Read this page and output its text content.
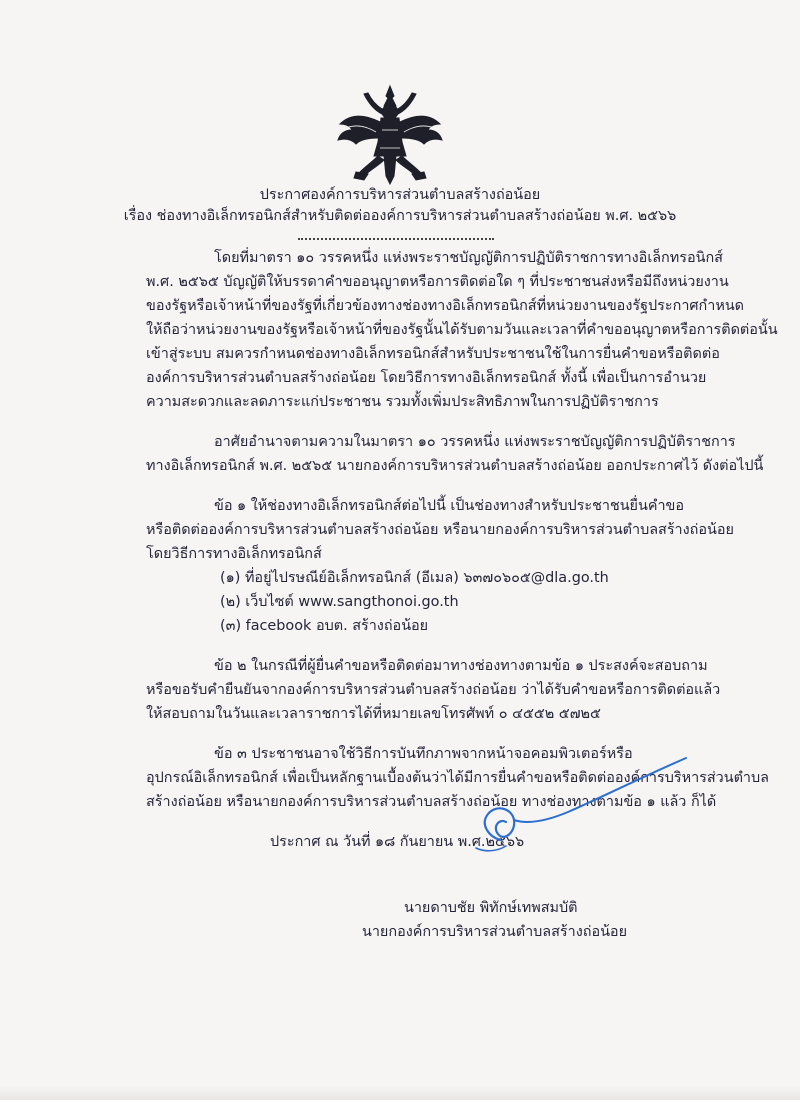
ประกาศองค์การบริหารส่วนตำบลสร้างถ่อน้อย
เรื่อง ช่องทางอิเล็กทรอนิกส์สำหรับติดต่อองค์การบริหารส่วนตำบลสร้างถ่อน้อย พ.ศ. ๒๕๖๖
โดยที่มาตรา ๑๐ วรรคหนึ่ง แห่งพระราชบัญญัติการปฏิบัติราชการทางอิเล็กทรอนิกส์
พ.ศ. ๒๕๖๕ บัญญัติให้บรรดาคำขออนุญาตหรือการติดต่อใด ๆ ที่ประชาชนส่งหรือมีถึงหน่วยงาน
ของรัฐหรือเจ้าหน้าที่ของรัฐที่เกี่ยวข้องทางช่องทางอิเล็กทรอนิกส์ที่หน่วยงานของรัฐประกาศกำหนด
ให้ถือว่าหน่วยงานของรัฐหรือเจ้าหน้าที่ของรัฐนั้นได้รับตามวันและเวลาที่คำขออนุญาตหรือการติดต่อนั้น
เข้าสู่ระบบ สมควรกำหนดช่องทางอิเล็กทรอนิกส์สำหรับประชาชนใช้ในการยื่นคำขอหรือติดต่อ
องค์การบริหารส่วนตำบลสร้างถ่อน้อย โดยวิธีการทางอิเล็กทรอนิกส์ ทั้งนี้ เพื่อเป็นการอำนวย
ความสะดวกและลดภาระแก่ประชาชน รวมทั้งเพิ่มประสิทธิภาพในการปฏิบัติราชการ
อาศัยอำนาจตามความในมาตรา ๑๐ วรรคหนึ่ง แห่งพระราชบัญญัติการปฏิบัติราชการ
ทางอิเล็กทรอนิกส์ พ.ศ. ๒๕๖๕ นายกองค์การบริหารส่วนตำบลสร้างถ่อน้อย ออกประกาศไว้ ดังต่อไปนี้
ข้อ ๑ ให้ช่องทางอิเล็กทรอนิกส์ต่อไปนี้ เป็นช่องทางสำหรับประชาชนยื่นคำขอ
หรือติดต่อองค์การบริหารส่วนตำบลสร้างถ่อน้อย หรือนายกองค์การบริหารส่วนตำบลสร้างถ่อน้อย
โดยวิธีการทางอิเล็กทรอนิกส์
(๑) ที่อยู่ไปรษณีย์อิเล็กทรอนิกส์ (อีเมล) ๖๓๗๐๖๐๕@dla.go.th
(๒) เว็บไซต์ www.sangthonoi.go.th
(๓) facebook อบต. สร้างถ่อน้อย
ข้อ ๒ ในกรณีที่ผู้ยื่นคำขอหรือติดต่อมาทางช่องทางตามข้อ ๑ ประสงค์จะสอบถาม
หรือขอรับคำยืนยันจากองค์การบริหารส่วนตำบลสร้างถ่อน้อย ว่าได้รับคำขอหรือการติดต่อแล้ว
ให้สอบถามในวันและเวลาราชการได้ที่หมายเลขโทรศัพท์ ๐ ๔๕๕๒ ๕๗๒๕
ข้อ ๓ ประชาชนอาจใช้วิธีการบันทึกภาพจากหน้าจอคอมพิวเตอร์หรือ
อุปกรณ์อิเล็กทรอนิกส์ เพื่อเป็นหลักฐานเบื้องต้นว่าได้มีการยื่นคำขอหรือติดต่อองค์การบริหารส่วนตำบล
สร้างถ่อน้อย หรือนายกองค์การบริหารส่วนตำบลสร้างถ่อน้อย ทางช่องทางตามข้อ ๑ แล้ว ก็ได้
ประกาศ ณ วันที่ ๑๘ กันยายน พ.ศ.๒๕๖๖
นายดาบชัย พิทักษ์เทพสมบัติ
นายกองค์การบริหารส่วนตำบลสร้างถ่อน้อย
